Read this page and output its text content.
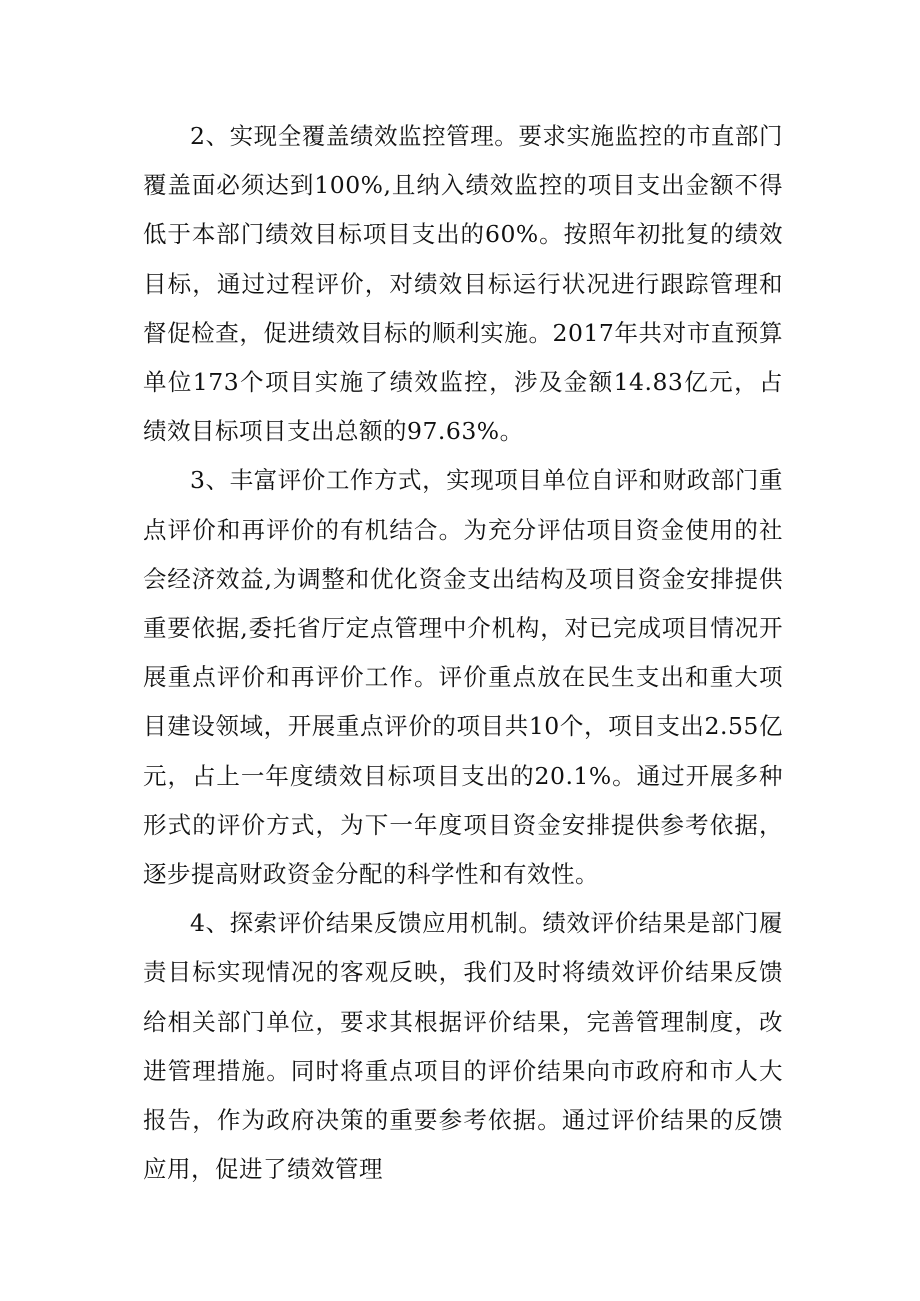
2、实现全覆盖绩效监控管理。要求实施监控的市直部门覆盖面必须达到100%,且纳入绩效监控的项目支出金额不得低于本部门绩效目标项目支出的60%。按照年初批复的绩效目标，通过过程评价，对绩效目标运行状况进行跟踪管理和督促检查，促进绩效目标的顺利实施。2017年共对市直预算单位173个项目实施了绩效监控，涉及金额14.83亿元，占绩效目标项目支出总额的97.63%。

3、丰富评价工作方式，实现项目单位自评和财政部门重点评价和再评价的有机结合。为充分评估项目资金使用的社会经济效益,为调整和优化资金支出结构及项目资金安排提供重要依据,委托省厅定点管理中介机构，对已完成项目情况开展重点评价和再评价工作。评价重点放在民生支出和重大项目建设领域，开展重点评价的项目共10个，项目支出2.55亿元，占上一年度绩效目标项目支出的20.1%。通过开展多种形式的评价方式，为下一年度项目资金安排提供参考依据，逐步提高财政资金分配的科学性和有效性。

4、探索评价结果反馈应用机制。绩效评价结果是部门履责目标实现情况的客观反映，我们及时将绩效评价结果反馈给相关部门单位，要求其根据评价结果，完善管理制度，改进管理措施。同时将重点项目的评价结果向市政府和市人大报告，作为政府决策的重要参考依据。通过评价结果的反馈应用，促进了绩效管理
